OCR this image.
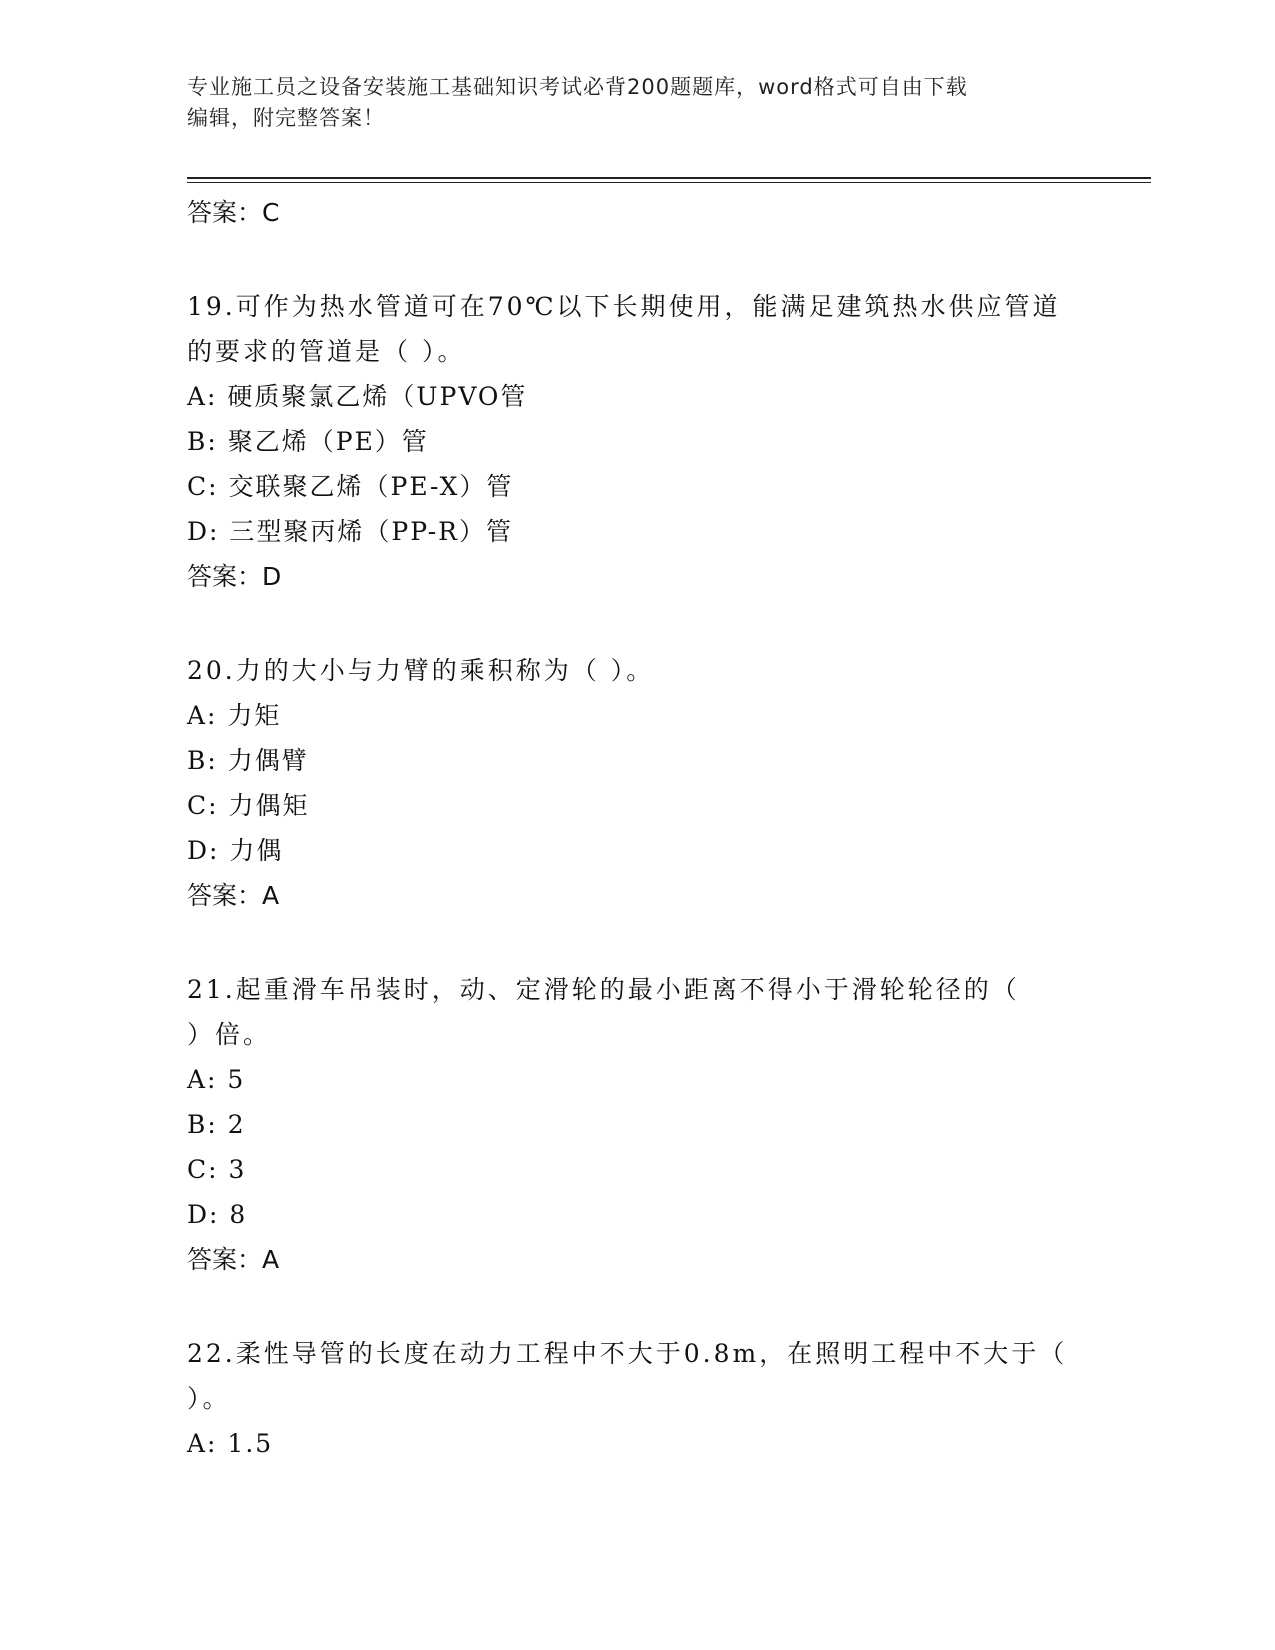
专业施工员之设备安装施工基础知识考试必背200题题库，word格式可自由下载
编辑，附完整答案！
答案：C
19.可作为热水管道可在70℃以下长期使用，能满足建筑热水供应管道
的要求的管道是（ ）。
A: 硬质聚氯乙烯（UPVO管
B: 聚乙烯（PE）管
C: 交联聚乙烯（PE-X）管
D: 三型聚丙烯（PP-R）管
答案：D
20.力的大小与力臂的乘积称为（ ）。
A: 力矩
B: 力偶臂
C: 力偶矩
D: 力偶
答案：A
21.起重滑车吊装时，动、定滑轮的最小距离不得小于滑轮轮径的（
）倍。
A: 5
B: 2
C: 3
D: 8
答案：A
22.柔性导管的长度在动力工程中不大于0.8m，在照明工程中不大于（
）。
A: 1.5
